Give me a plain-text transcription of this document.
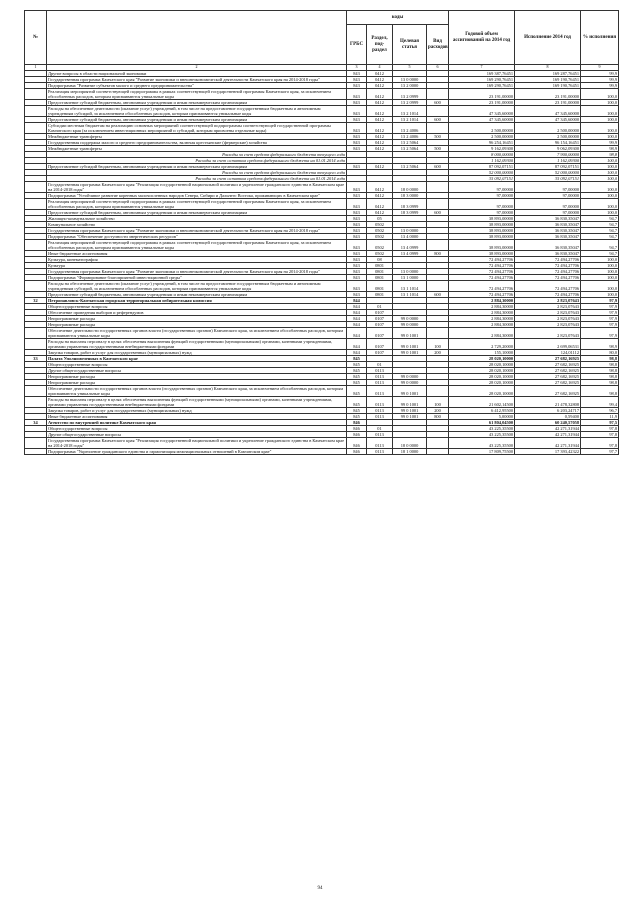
№		коды				Годовой объем ассигнований на 2014 год	Исполнение 2014 год	% исполнения
		ГРБС	Раздел, под-раздел	Целевая статья	Вид расходов			
1	2	3	4	5	6	7	8	9
	Другие вопросы в области национальной экономики	843	0412			169 387,76451	169 287,76451	99,9
	Государственная программа Камчатского края "Развитие экономики и внешнеэкономической деятельности Камчатского края на 2014-2018 годы"	843	0412	13 0 0000		169 290,76451	169 190,76451	99,9
	Подпрограмма "Развитие субъектов малого и среднего предпринимательства"	843	0412	13 2 0000		169 290,76451	169 190,76451	99,9
	Реализация мероприятий соответствующей подпрограммы в рамках соответствующей государственной программы Камчатского края, за исключением обособленных расходов, которым присваиваются уникальные коды	843	0412	13 2 0999		23 191,00000	23 191,00000	100,0
	Предоставление субсидий бюджетным, автономным учреждениям и иным некоммерческим организациям	843	0412	13 2 0999	600	23 191,00000	23 191,00000	100,0
	Расходы на обеспечение деятельности (оказание услуг) учреждений, в том числе на предоставление государственным бюджетным и автономным учреждениям субсидий, за исключением обособленных расходов, которым присваиваются уникальные коды	843	0412	13 2 1014		47 345,60000	47 345,60000	100,0
	Предоставление субсидий бюджетным, автономным учреждениям и иным некоммерческим организациям	843	0412	13 2 1014	600	47 345,60000	47 345,60000	100,0
	Субсидии местным бюджетам на реализацию основных мероприятий соответствующей подпрограммы соответствующей государственной программы Камчатского края (за исключением инвестиционных мероприятий и субсидий, которым присвоены отдельные коды)	843	0412	13 2 4006		2 500,00000	2 500,00000	100,0
	Межбюджетные трансферты	843	0412	13 2 4006	500	2 500,00000	2 500,00000	100,0
	Государственная поддержка малого и среднего предпринимательства, включая крестьянские (фермерские) хозяйства	843	0412	13 2 5064		96 254,16451	96 154,16451	99,9
	Межбюджетные трансферты	843	0412	13 2 5064	500	9 162,09300	9 062,09300	98,9
	Расходы за счет средств федерального бюджета текущего года					8 000,00000	7 900,00000	98,8
	Расходы за счет остатков средств федерального бюджета на 01.01.2014 года					1 162,09300	1 162,09300	100,0
	Предоставление субсидий бюджетным, автономным учреждениям и иным некоммерческим организациям	843	0412	13 2 5064	600	87 092,07151	87 092,07151	100,0
	Расходы за счет средств федерального бюджета текущего года					52 000,00000	52 000,00000	100,0
	Расходы за счет остатков средств федерального бюджета на 01.01.2014 года					35 092,07151	35 092,07151	100,0
	Государственная программа Камчатского края "Реализация государственной национальной политики и укрепление гражданского единства в Камчатском крае на 2014-2018 годы"	843	0412	18 0 0000		97,00000	97,00000	100,0
	Подпрограмма "Устойчивое развитие коренных малочисленных народов Севера, Сибири и Дальнего Востока, проживающих в Камчатском крае"	843	0412	18 3 0000		97,00000	97,00000	100,0
	Реализация мероприятий соответствующей подпрограммы в рамках соответствующей государственной программы Камчатского края, за исключением обособленных расходов, которым присваиваются уникальные коды	843	0412	18 3 0999		97,00000	97,00000	100,0
	Предоставление субсидий бюджетным, автономным учреждениям и иным некоммерческим организациям	843	0412	18 3 0999	600	97,00000	97,00000	100,0
	Жилищно-коммунальное хозяйство	843	05			38 893,00000	36 830,35047	94,7
	Коммунальное хозяйство	843	0502			38 893,00000	36 830,35047	94,7
	Государственная программа Камчатского края "Развитие экономики и внешнеэкономической деятельности Камчатского края на 2014-2018 годы"	843	0502	13 0 0000		38 893,00000	36 830,35047	94,7
	Подпрограмма "Обеспечение доступности энергетических ресурсов"	843	0502	13 4 0000		38 893,00000	36 830,35047	94,7
	Реализация мероприятий соответствующей подпрограммы в рамках соответствующей государственной программы Камчатского края, за исключением обособленных расходов, которым присваиваются уникальные коды	843	0502	13 4 0999		38 893,00000	36 830,35047	94,7
	Иные бюджетные ассигнования	843	0502	13 4 0999	800	38 893,00000	36 830,35047	94,7
	Культура, кинематография	843	08			72 494,27706	72 494,27706	100,0
	Культура	843	0801			72 494,27706	72 494,27706	100,0
	Государственная программа Камчатского края "Развитие экономики и внешнеэкономической деятельности Камчатского края на 2014-2018 годы"	843	0801	13 0 0000		72 494,27706	72 494,27706	100,0
	Подпрограмма "Формирование благоприятной инвестиционной среды"	843	0801	13 1 0000		72 494,27706	72 494,27706	100,0
	Расходы на обеспечение деятельности (оказание услуг) учреждений, в том числе на предоставление государственным бюджетным и автономным учреждениям субсидий, за исключением обособленных расходов, которым присваиваются уникальные коды	843	0801	13 1 1014		72 494,27706	72 494,27706	100,0
	Предоставление субсидий бюджетным, автономным учреждениям и иным некоммерческим организациям	843	0801	13 1 1014	600	72 494,27706	72 494,27706	100,0
32	Петропавловск-Камчатская городская территориальная избирательная комиссия	844				2 884,30000	2 823,07643	97,9
	Общегосударственные вопросы	844	01			2 884,30000	2 823,07643	97,9
	Обеспечение проведения выборов и референдумов	844	0107			2 884,30000	2 823,07643	97,9
	Непрограммные расходы	844	0107	99 0 0000		2 884,30000	2 823,07643	97,9
	Непрограммные расходы	844	0107	99 0 0000		2 884,30000	2 823,07643	97,9
	Обеспечение деятельности государственных органов власти (государственных органов) Камчатского края, за исключением обособленных расходов, которым присваиваются уникальные коды	844	0107	99 0 1001		2 884,30000	2 823,07643	97,9
	Расходы на выплаты персоналу в целях обеспечения выполнения функций государственными (муниципальными) органами, казенными учреждениями, органами управления государственными внебюджетными фондами	844	0107	99 0 1001	100	2 729,20000	2 699,06531	98,9
	Закупка товаров, работ и услуг для государственных (муниципальных) нужд	844	0107	99 0 1001	200	155,10000	124,01112	80,0
33	Палата Уполномоченных в Камчатском крае	845				28 020,10000	27 682,16925	98,8
	Общегосударственные вопросы	845	01			28 020,10000	27 682,16925	98,8
	Другие общегосударственные вопросы	845	0113			28 020,10000	27 682,16925	98,8
	Непрограммные расходы	845	0113	99 0 0000		28 020,10000	27 682,16925	98,8
	Непрограммные расходы	845	0113	99 0 0000		28 020,10000	27 682,16925	98,8
	Обеспечение деятельности государственных органов власти (государственных органов) Камчатского края, за исключением обособленных расходов, которым присваиваются уникальные коды	845	0113	99 0 1001		28 020,10000	27 682,16925	98,8
	Расходы на выплаты персоналу в целях обеспечения выполнения функций государственными (муниципальными) органами, казенными учреждениями, органами управления государственными внебюджетными фондами	845	0113	99 0 1001	100	21 602,14500	21 478,32808	99,4
	Закупка товаров, работ и услуг для государственных (муниципальных) нужд	845	0113	99 0 1001	200	6 412,95500	6 203,24717	96,7
	Иные бюджетные ассигнования	845	0113	99 0 1001	800	5,00000	0,59400	11,9
34	Агентство по внутренней политике Камчатского края	846				61 804,04500	60 240,57058	97,5
	Общегосударственные вопросы	846	01			43 225,35500	42 271,31944	97,8
	Другие общегосударственные вопросы	846	0113			43 225,35500	42 271,31944	97,8
	Государственная программа Камчатского края "Реализация государственной национальной политики и укрепление гражданского единства в Камчатском крае на 2014-2018 годы"	846	0113	18 0 0000		43 225,35500	42 271,31944	97,8
	Подпрограмма "Укрепление гражданского единства и гармонизация межнациональных отношений в Камчатском крае"	846	0113	18 1 0000		17 809,75500	17 393,42322	97,7
94
